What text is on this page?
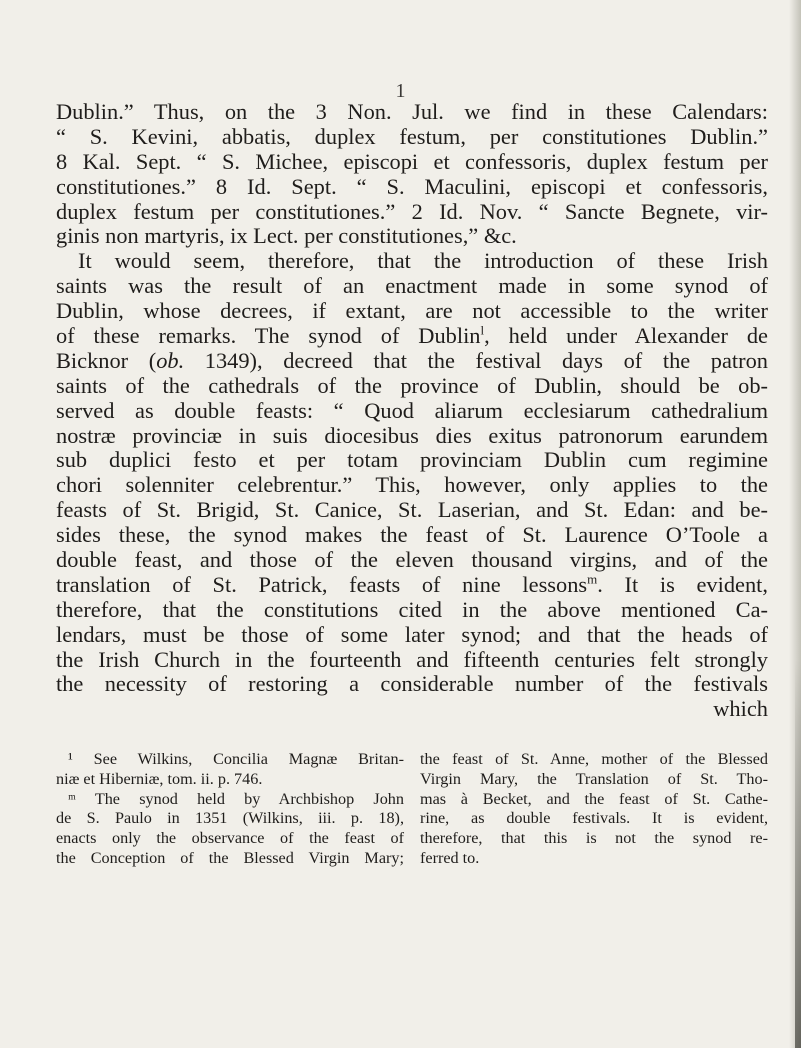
1
Dublin.” Thus, on the 3 Non. Jul. we find in these Calendars:
“ S. Kevini, abbatis, duplex festum, per constitutiones Dublin.”
8 Kal. Sept. “ S. Michee, episcopi et confessoris, duplex festum per
constitutiones.” 8 Id. Sept. “ S. Maculini, episcopi et confessoris,
duplex festum per constitutiones.” 2 Id. Nov. “ Sancte Begnete, vir-
ginis non martyris, ix Lect. per constitutiones,” &c.
It would seem, therefore, that the introduction of these Irish
saints was the result of an enactment made in some synod of
Dublin, whose decrees, if extant, are not accessible to the writer
of these remarks. The synod of Dublin$^l$, held under Alexander de
Bicknor (ob. 1349), decreed that the festival days of the patron
saints of the cathedrals of the province of Dublin, should be ob-
served as double feasts: “ Quod aliarum ecclesiarum cathedralium
nostræ provinciæ in suis diocesibus dies exitus patronorum earundem
sub duplici festo et per totam provinciam Dublin cum regimine
chori solenniter celebrentur.” This, however, only applies to the
feasts of St. Brigid, St. Canice, St. Laserian, and St. Edan: and be-
sides these, the synod makes the feast of St. Laurence O’Toole a
double feast, and those of the eleven thousand virgins, and of the
translation of St. Patrick, feasts of nine lessons$^m$. It is evident,
therefore, that the constitutions cited in the above mentioned Ca-
lendars, must be those of some later synod; and that the heads of
the Irish Church in the fourteenth and fifteenth centuries felt strongly
the necessity of restoring a considerable number of the festivals
which
¹ See Wilkins, Concilia Magnæ Britan-
niæ et Hiberniæ, tom. ii. p. 746.
ᵐ The synod held by Archbishop John
de S. Paulo in 1351 (Wilkins, iii. p. 18),
enacts only the observance of the feast of
the Conception of the Blessed Virgin Mary;
the feast of St. Anne, mother of the Blessed
Virgin Mary, the Translation of St. Tho-
mas à Becket, and the feast of St. Cathe-
rine, as double festivals. It is evident,
therefore, that this is not the synod re-
ferred to.
